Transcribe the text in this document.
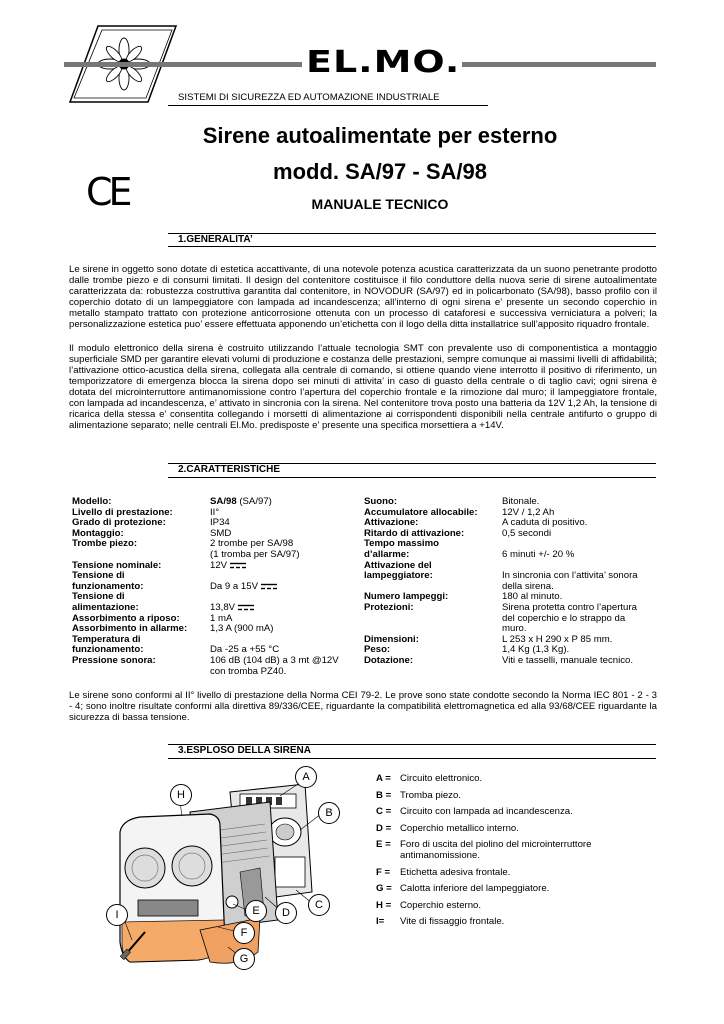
EL.MO.
SISTEMI DI SICUREZZA ED AUTOMAZIONE INDUSTRIALE
Sirene autoalimentate per esterno
modd. SA/97 - SA/98
CE	MANUALE TECNICO
1.GENERALITA’
Le sirene in oggetto sono dotate di estetica accattivante, di una notevole potenza acustica caratterizzata da un suono penetrante prodotto dalle trombe piezo e di consumi limitati. Il design del contenitore costituisce il filo conduttore della nuova serie di sirene autoalimentate caratterizzata da: robustezza costruttiva garantita dal contenitore, in NOVODUR (SA/97) ed in policarbonato (SA/98), basso profilo con il coperchio dotato di un lampeggiatore con lampada ad incandescenza; all’interno di ogni sirena e’ presente un secondo coperchio in metallo stampato trattato con protezione anticorrosione ottenuta con un processo di cataforesi e successiva verniciatura a polveri; la personalizzazione estetica puo’ essere effettuata apponendo un’etichetta con il logo della ditta installatrice sull’apposito riquadro frontale.
Il modulo elettronico della sirena è costruito utilizzando l’attuale tecnologia SMT con prevalente uso di componentistica a montaggio superficiale SMD per garantire elevati volumi di produzione e costanza delle prestazioni, sempre comunque ai massimi livelli di affidabilità; l’attivazione ottico-acustica della sirena, collegata alla centrale di comando, si ottiene quando viene interrotto il positivo di riferimento, un temporizzatore di emergenza blocca la sirena dopo sei minuti di attivita’ in caso di guasto della centrale o di taglio cavi; ogni sirena è dotata del microinterruttore antimanomissione contro l’apertura del coperchio frontale e la rimozione dal muro; il lampeggiatore frontale, con lampada ad incandescenza, e’ attivato in sincronia con la sirena. Nel contenitore trova posto una batteria da 12V 1,2 Ah, la tensione di ricarica della stessa e’ consentita collegando i morsetti di alimentazione ai corrispondenti disponibili nella centrale antifurto o gruppo di alimentazione separato; nelle centrali El.Mo. predisposte e’ presente una specifica morsettiera a +14V.
2.CARATTERISTICHE
Modello:	SA/98 (SA/97)
Livello di prestazione:	II°
Grado di protezione:	IP34
Montaggio:	SMD
Trombe piezo:	2 trombe per SA/98
(1 tromba per SA/97)
Tensione nominale:	12V
Tensione di
funzionamento:	Da 9 a 15V
Tensione di
alimentazione:	13,8V
Assorbimento a riposo:	1 mA
Assorbimento in allarme:	1,3 A (900 mA)
Temperatura di
funzionamento:	Da -25 a +55 °C
Pressione sonora:	106 dB (104 dB) a 3 mt @12V
con tromba PZ40.
Suono:	Bitonale.
Accumulatore allocabile:	12V / 1,2 Ah
Attivazione:	A caduta di positivo.
Ritardo di attivazione:	0,5 secondi
Tempo massimo
d’allarme:	6 minuti +/- 20 %
Attivazione del
lampeggiatore:	In sincronia con l’attivita’ sonora
della sirena.
Numero lampeggi:	180 al minuto.
Protezioni:	Sirena protetta contro l’apertura
del coperchio e lo strappo da
muro.
Dimensioni:	L 253 x H 290 x P 85 mm.
Peso:	1,4 Kg (1,3 Kg).
Dotazione:	Viti e tasselli, manuale tecnico.
Le sirene sono conformi al II° livello di prestazione della Norma CEI 79-2. Le prove sono state condotte secondo la Norma IEC 801 - 2 - 3 - 4; sono inoltre risultate conformi alla direttiva 89/336/CEE, riguardante la compatibilità elettromagnetica ed alla 93/68/CEE riguardante la sicurezza di bassa tensione.
3.ESPLOSO DELLA SIRENA
A
B
C
D
E
F
G
H
I
A = Circuito elettronico.
B = Tromba piezo.
C = Circuito con lampada ad incandescenza.
D = Coperchio metallico interno.
E = Foro di uscita del piolino del microinterruttore antimanomissione.
F =	Etichetta adesiva frontale.
G = Calotta inferiore del lampeggiatore.
H = Coperchio esterno.
I=	Vite di fissaggio frontale.
